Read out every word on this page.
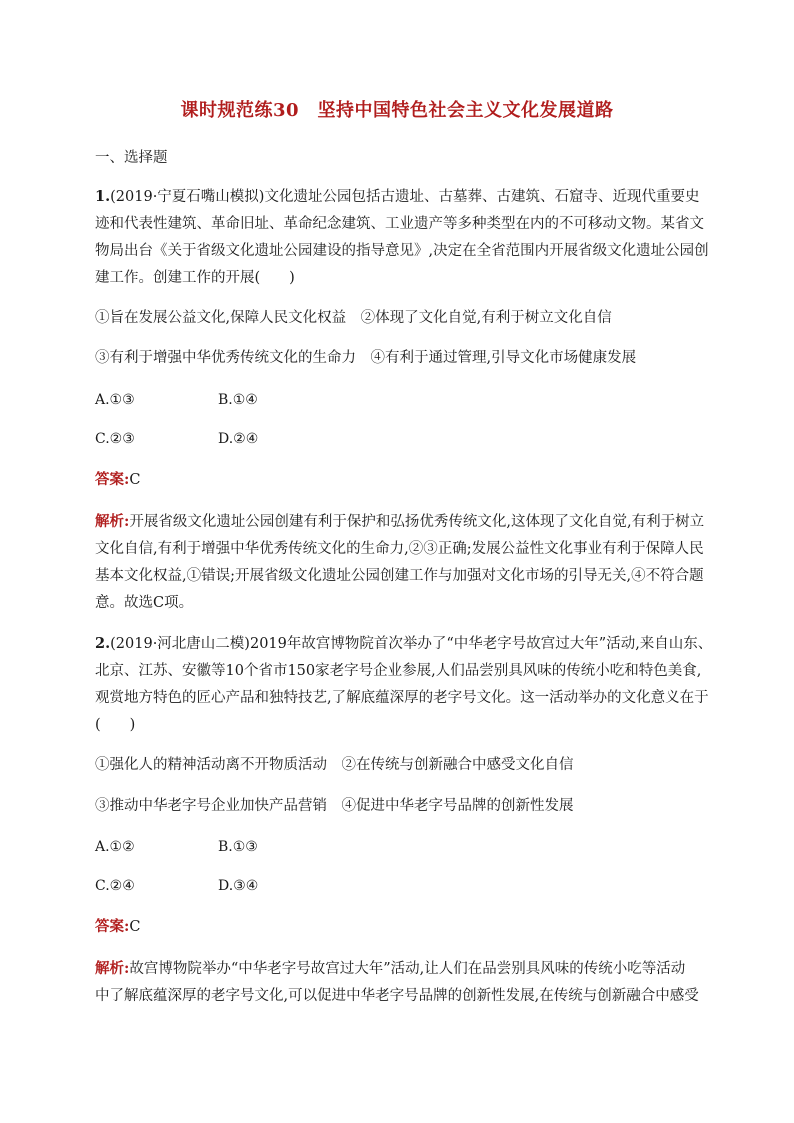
课时规范练30　坚持中国特色社会主义文化发展道路
一、选择题
1.(2019·宁夏石嘴山模拟)文化遗址公园包括古遗址、古墓葬、古建筑、石窟寺、近现代重要史
迹和代表性建筑、革命旧址、革命纪念建筑、工业遗产等多种类型在内的不可移动文物。某省文
物局出台《关于省级文化遗址公园建设的指导意见》,决定在全省范围内开展省级文化遗址公园创
建工作。创建工作的开展(　　)
①旨在发展公益文化,保障人民文化权益　②体现了文化自觉,有利于树立文化自信
③有利于增强中华优秀传统文化的生命力　④有利于通过管理,引导文化市场健康发展
A.①③	B.①④
C.②③	D.②④
答案:C
解析:开展省级文化遗址公园创建有利于保护和弘扬优秀传统文化,这体现了文化自觉,有利于树立
文化自信,有利于增强中华优秀传统文化的生命力,②③正确;发展公益性文化事业有利于保障人民
基本文化权益,①错误;开展省级文化遗址公园创建工作与加强对文化市场的引导无关,④不符合题
意。故选C项。
2.(2019·河北唐山二模)2019年故宫博物院首次举办了“中华老字号故宫过大年”活动,来自山东、
北京、江苏、安徽等10个省市150家老字号企业参展,人们品尝别具风味的传统小吃和特色美食,
观赏地方特色的匠心产品和独特技艺,了解底蕴深厚的老字号文化。这一活动举办的文化意义在于
(　　)
①强化人的精神活动离不开物质活动　②在传统与创新融合中感受文化自信
③推动中华老字号企业加快产品营销　④促进中华老字号品牌的创新性发展
A.①②	B.①③
C.②④	D.③④
答案:C
解析:故宫博物院举办“中华老字号故宫过大年”活动,让人们在品尝别具风味的传统小吃等活动
中了解底蕴深厚的老字号文化,可以促进中华老字号品牌的创新性发展,在传统与创新融合中感受
